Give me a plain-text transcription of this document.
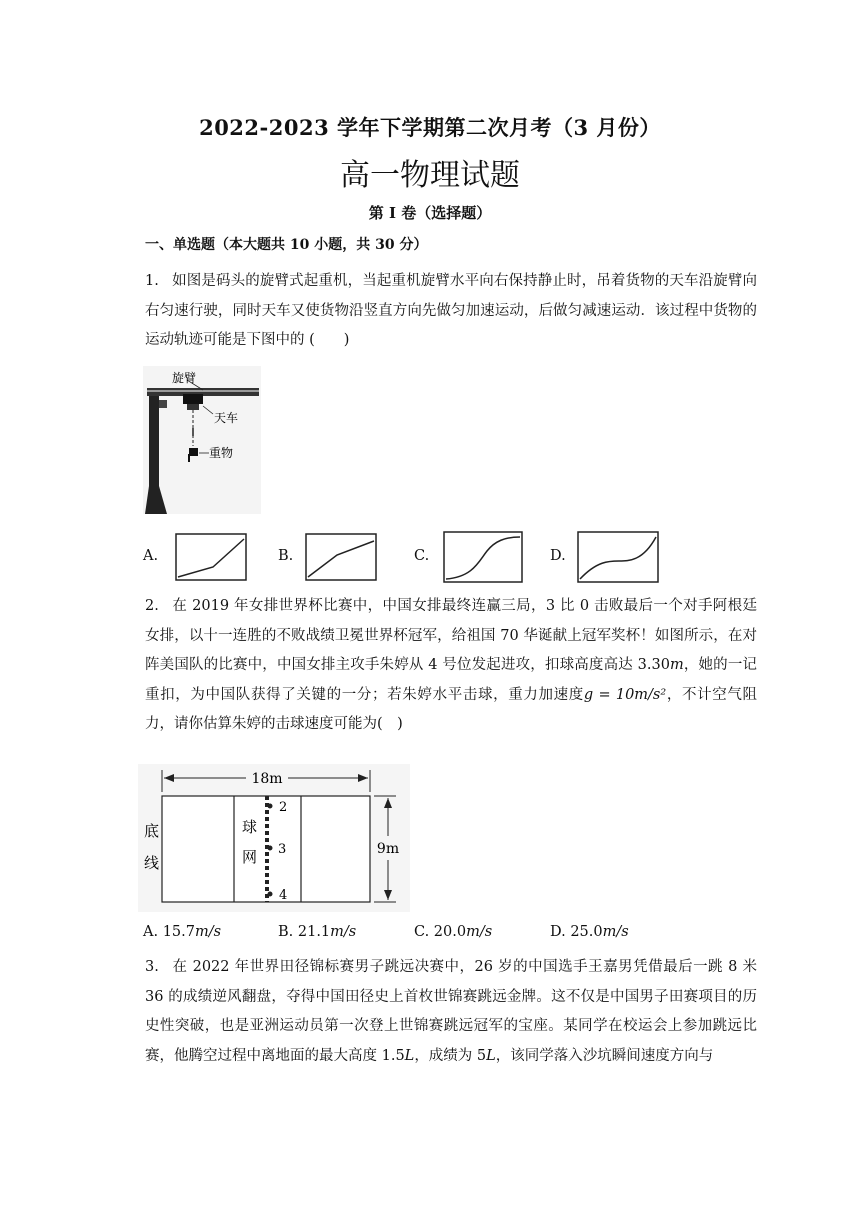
2022-2023 学年下学期第二次月考（3 月份）
高一物理试题
第 I 卷（选择题）
一、单选题（本大题共 10 小题，共 30 分）
1. 如图是码头的旋臂式起重机，当起重机旋臂水平向右保持静止时，吊着货物的天车沿旋臂向右匀速行驶，同时天车又使货物沿竖直方向先做匀加速运动，后做匀减速运动．该过程中货物的运动轨迹可能是下图中的 (　　)
旋臂
天车
重物
A.	B.	C.	D.
2. 在 2019 年女排世界杯比赛中，中国女排最终连赢三局，3 比 0 击败最后一个对手阿根廷女排，以十一连胜的不败战绩卫冕世界杯冠军，给祖国 70 华诞献上冠军奖杯！如图所示，在对阵美国队的比赛中，中国女排主攻手朱婷从 4 号位发起进攻，扣球高度高达 3.30m，她的一记重扣，为中国队获得了关键的一分；若朱婷水平击球，重力加速度g = 10m/s²，不计空气阻力，请你估算朱婷的击球速度可能为(　)
18m
2
3
4
底
线
球
网	9m
A. 15.7m/s	B. 21.1m/s	C. 20.0m/s	D. 25.0m/s
3. 在 2022 年世界田径锦标赛男子跳远决赛中，26 岁的中国选手王嘉男凭借最后一跳 8 米 36 的成绩逆风翻盘，夺得中国田径史上首枚世锦赛跳远金牌。这不仅是中国男子田赛项目的历史性突破，也是亚洲运动员第一次登上世锦赛跳远冠军的宝座。某同学在校运会上参加跳远比赛，他腾空过程中离地面的最大高度 1.5L，成绩为 5L，该同学落入沙坑瞬间速度方向与
